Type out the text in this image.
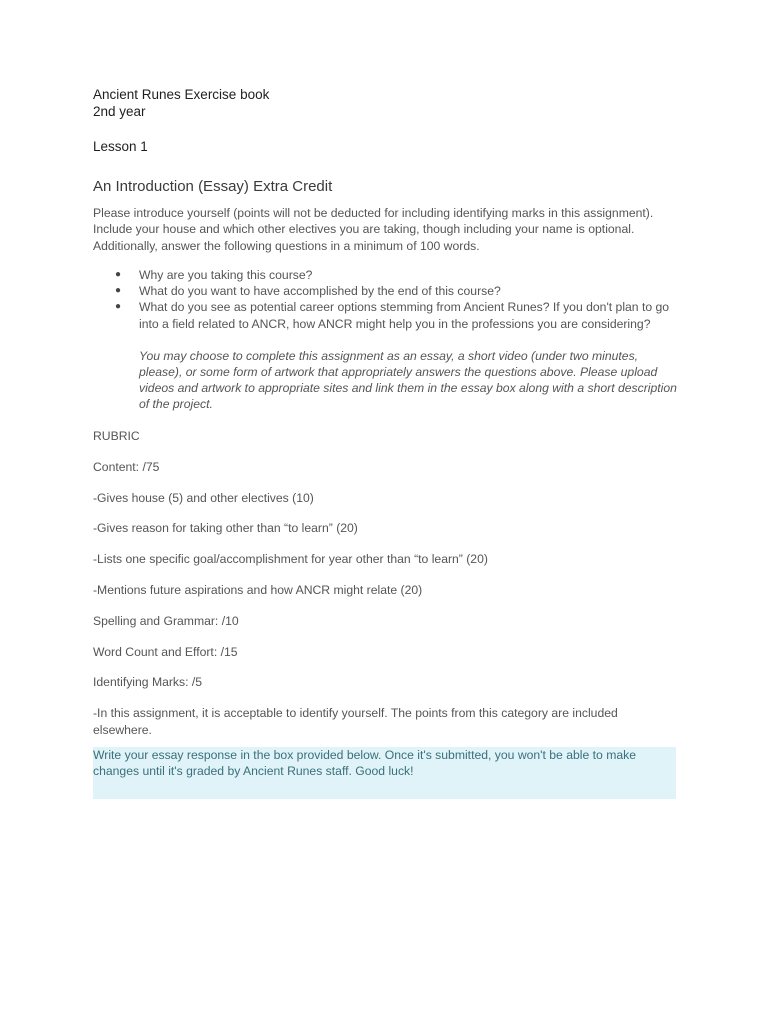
Ancient Runes Exercise book

2nd year

Lesson 1
An Introduction (Essay) Extra Credit
Please introduce yourself (points will not be deducted for including identifying marks in this assignment). Include your house and which other electives you are taking, though including your name is optional. Additionally, answer the following questions in a minimum of 100 words.
● Why are you taking this course?
● What do you want to have accomplished by the end of this course?
● What do you see as potential career options stemming from Ancient Runes? If you don't plan to go into a field related to ANCR, how ANCR might help you in the professions you are considering?
You may choose to complete this assignment as an essay, a short video (under two minutes, please), or some form of artwork that appropriately answers the questions above. Please upload videos and artwork to appropriate sites and link them in the essay box along with a short description of the project.

RUBRIC

Content: /75

-Gives house (5) and other electives (10)

-Gives reason for taking other than “to learn” (20)

-Lists one specific goal/accomplishment for year other than “to learn” (20)

-Mentions future aspirations and how ANCR might relate (20)

Spelling and Grammar: /10

Word Count and Effort: /15

Identifying Marks: /5

-In this assignment, it is acceptable to identify yourself. The points from this category are included elsewhere.

Write your essay response in the box provided below. Once it's submitted, you won't be able to make changes until it's graded by Ancient Runes staff. Good luck!
